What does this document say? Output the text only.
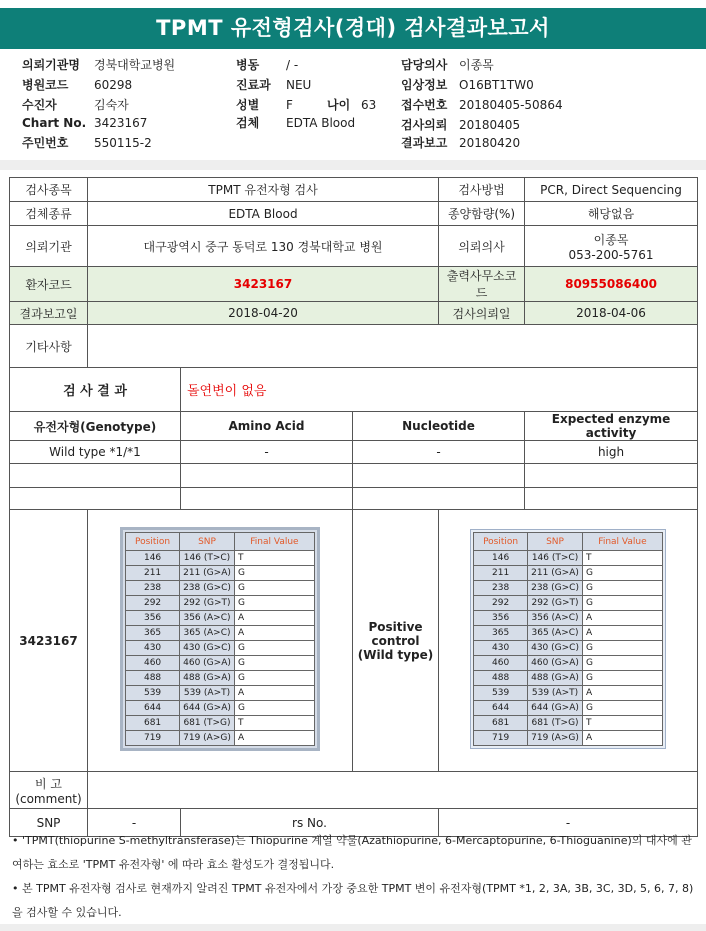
TPMT 유전형검사(경대) 검사결과보고서
의뢰기관명 경북대학교병원
병원코드 60298
수진자	김숙자
Chart No. 3423167
주민번호 550115-2
병동 / -
진료과 NEU
성별 F	나이 63
검체 EDTA Blood
담당의사 이종목
임상정보 O16BT1TW0
접수번호 20180405-50864
검사의뢰 20180405
결과보고 20180420
검사종목	TPMT 유전자형 검사	검사방법	PCR, Direct Sequencing
검체종류	EDTA Blood	종양함량(%)	해당없음
의뢰기관	대구광역시 중구 동덕로 130 경북대학교 병원	의뢰의사	이종목
053-200-5761

환자코드	3423167	출력사무소코드	80955086400
결과보고일	2018-04-20	검사의뢰일	2018-04-06
기타사항	
검 사 결 과	돌연변이 없음
유전자형(Genotype)	Amino Acid	Nucleotide	Expected enzyme activity
Wild type *1/*1	-	-	high

3423167	
Position	SNP	Final Value
146	146 (T>C)	T
211	211 (G>A)	G
238	238 (G>C)	G
292	292 (G>T)	G
356	356 (A>C)	A
365	365 (A>C)	A
430	430 (G>C)	G
460	460 (G>A)	G
488	488 (G>A)	G
539	539 (A>T)	A
644	644 (G>A)	G
681	681 (T>G)	T
719	719 (A>G)	A

Positive
control
(Wild type)

Position	SNP	Final Value
146	146 (T>C)	T
211	211 (G>A)	G
238	238 (G>C)	G
292	292 (G>T)	G
356	356 (A>C)	A
365	365 (A>C)	A
430	430 (G>C)	G
460	460 (G>A)	G
488	488 (G>A)	G
539	539 (A>T)	A
644	644 (G>A)	G
681	681 (T>G)	T
719	719 (A>G)	A

비 고
(comment)

SNP	-	rs No.	-

• 'TPMT(thiopurine S-methyltransferase)는 Thiopurine 계열 약물(Azathiopurine, 6-Mercaptopurine, 6-Thioguanine)의 대사에 관여하는 효소로 'TPMT 유전자형' 에 따라 효소 활성도가 결정됩니다.

• 본 TPMT 유전자형 검사로 현재까지 알려진 TPMT 유전자에서 가장 중요한 TPMT 변이 유전자형(TPMT *1, 2, 3A, 3B, 3C, 3D, 5, 6, 7, 8)을 검사할 수 있습니다.
